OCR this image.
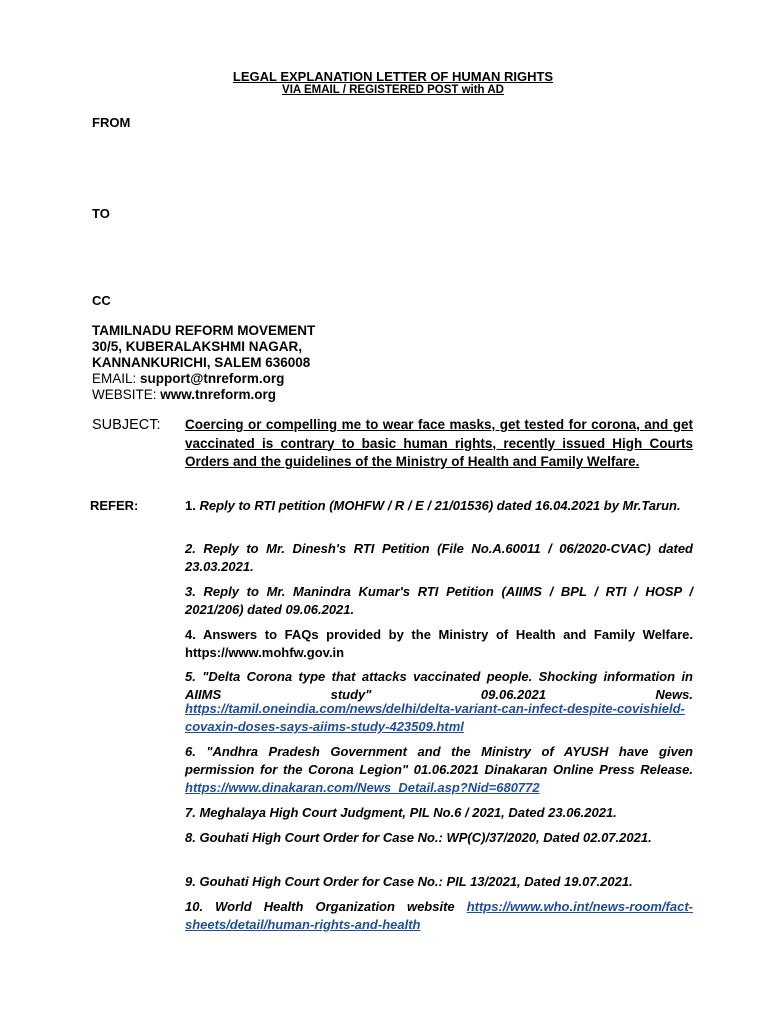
LEGAL EXPLANATION LETTER OF HUMAN RIGHTS
VIA EMAIL / REGISTERED POST with AD
FROM
TO
CC
TAMILNADU REFORM MOVEMENT
30/5, KUBERALAKSHMI NAGAR,
KANNANKURICHI, SALEM 636008
EMAIL: support@tnreform.org
WEBSITE: www.tnreform.org
SUBJECT: Coercing or compelling me to wear face masks, get tested for corona, and get vaccinated is contrary to basic human rights, recently issued High Courts Orders and the guidelines of the Ministry of Health and Family Welfare.
REFER:	1. Reply to RTI petition (MOHFW / R / E / 21/01536) dated 16.04.2021 by Mr.Tarun.
2. Reply to Mr. Dinesh's RTI Petition (File No.A.60011 / 06/2020-CVAC) dated 23.03.2021.
3. Reply to Mr. Manindra Kumar's RTI Petition (AIIMS / BPL / RTI / HOSP / 2021/206) dated 09.06.2021.
4. Answers to FAQs provided by the Ministry of Health and Family Welfare. https://www.mohfw.gov.in
5. "Delta Corona type that attacks vaccinated people. Shocking information in AIIMS study" 09.06.2021 News.
https://tamil.oneindia.com/news/delhi/delta-variant-can-infect-despite-covishield-covaxin-doses-says-aiims-study-423509.html
6. "Andhra Pradesh Government and the Ministry of AYUSH have given permission for the Corona Legion" 01.06.2021 Dinakaran Online Press Release. https://www.dinakaran.com/News_Detail.asp?Nid=680772
7. Meghalaya High Court Judgment, PIL No.6 / 2021, Dated 23.06.2021.
8. Gouhati High Court Order for Case No.: WP(C)/37/2020, Dated 02.07.2021.
9. Gouhati High Court Order for Case No.: PIL 13/2021, Dated 19.07.2021.
10. World Health Organization website https://www.who.int/news-room/fact-sheets/detail/human-rights-and-health
